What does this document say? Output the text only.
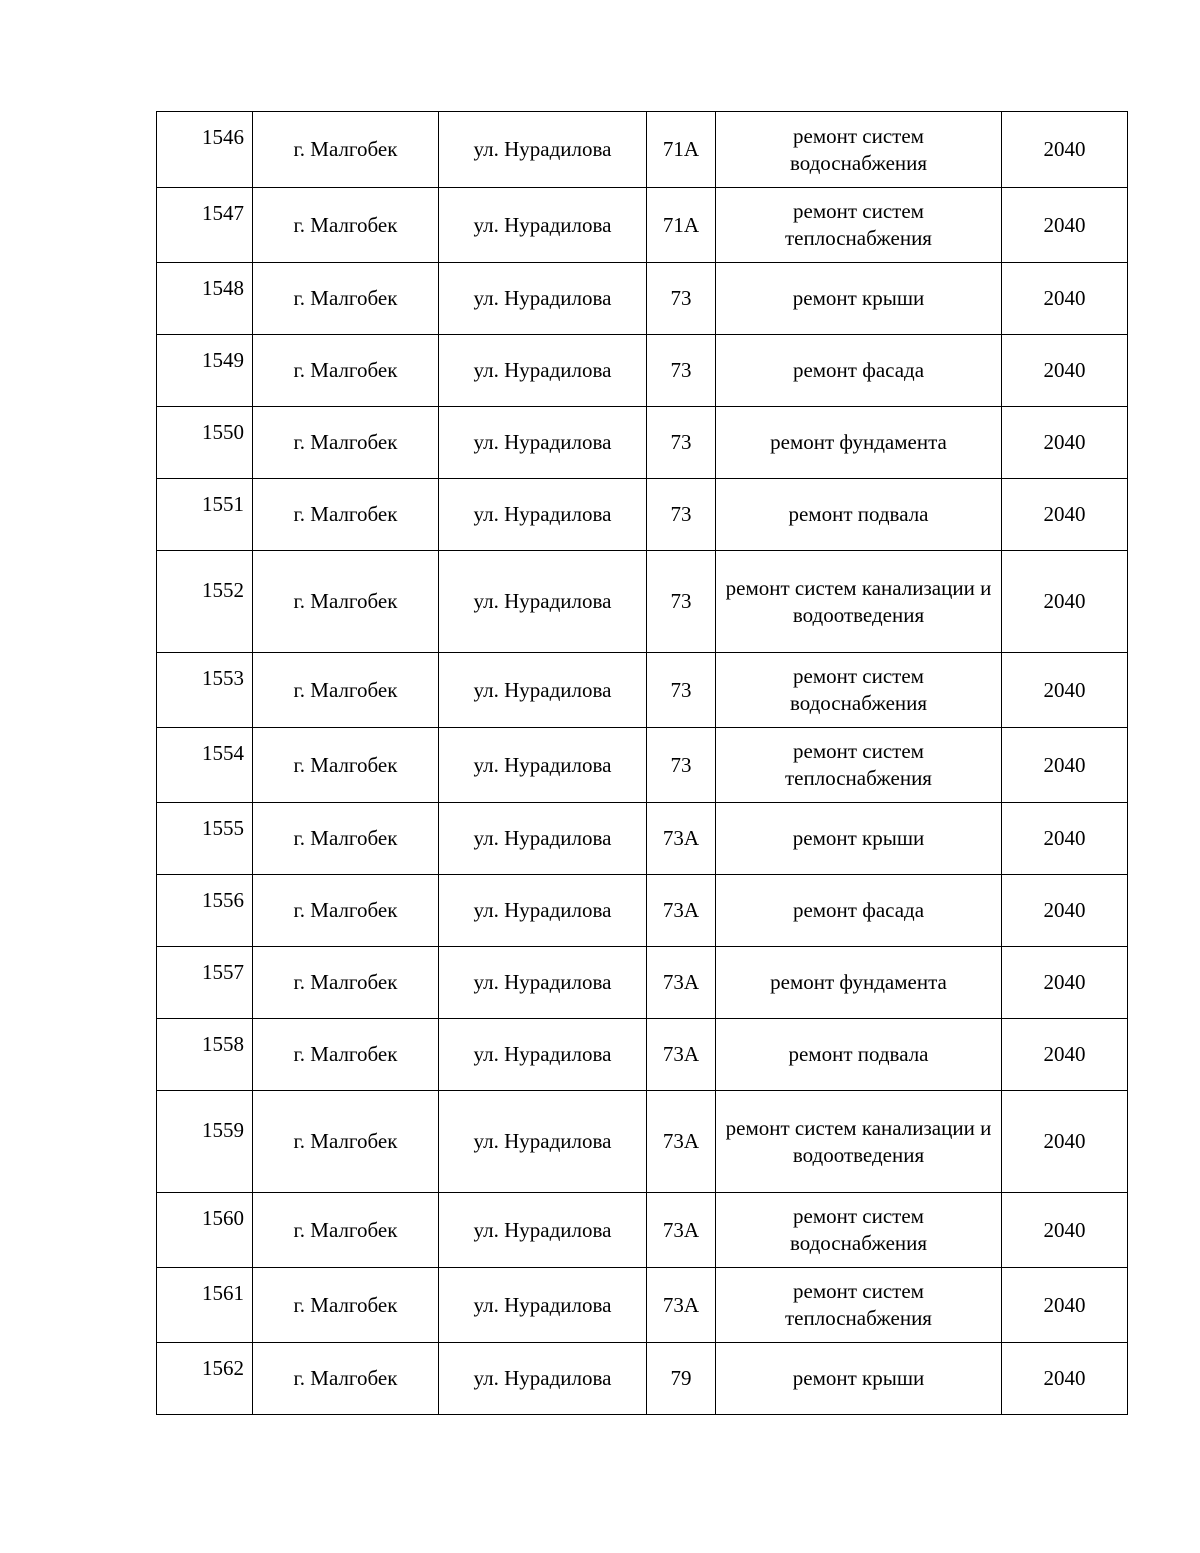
1546	г. Малгобек	ул. Нурадилова	71А	ремонт систем водоснабжения	2040
1547	г. Малгобек	ул. Нурадилова	71А	ремонт систем теплоснабжения	2040
1548	г. Малгобек	ул. Нурадилова	73	ремонт крыши	2040
1549	г. Малгобек	ул. Нурадилова	73	ремонт фасада	2040
1550	г. Малгобек	ул. Нурадилова	73	ремонт фундамента	2040
1551	г. Малгобек	ул. Нурадилова	73	ремонт подвала	2040
1552	г. Малгобек	ул. Нурадилова	73	ремонт систем канализации и водоотведения	2040
1553	г. Малгобек	ул. Нурадилова	73	ремонт систем водоснабжения	2040
1554	г. Малгобек	ул. Нурадилова	73	ремонт систем теплоснабжения	2040
1555	г. Малгобек	ул. Нурадилова	73А	ремонт крыши	2040
1556	г. Малгобек	ул. Нурадилова	73А	ремонт фасада	2040
1557	г. Малгобек	ул. Нурадилова	73А	ремонт фундамента	2040
1558	г. Малгобек	ул. Нурадилова	73А	ремонт подвала	2040
1559	г. Малгобек	ул. Нурадилова	73А	ремонт систем канализации и водоотведения	2040
1560	г. Малгобек	ул. Нурадилова	73А	ремонт систем водоснабжения	2040
1561	г. Малгобек	ул. Нурадилова	73А	ремонт систем теплоснабжения	2040
1562	г. Малгобек	ул. Нурадилова	79	ремонт крыши	2040
